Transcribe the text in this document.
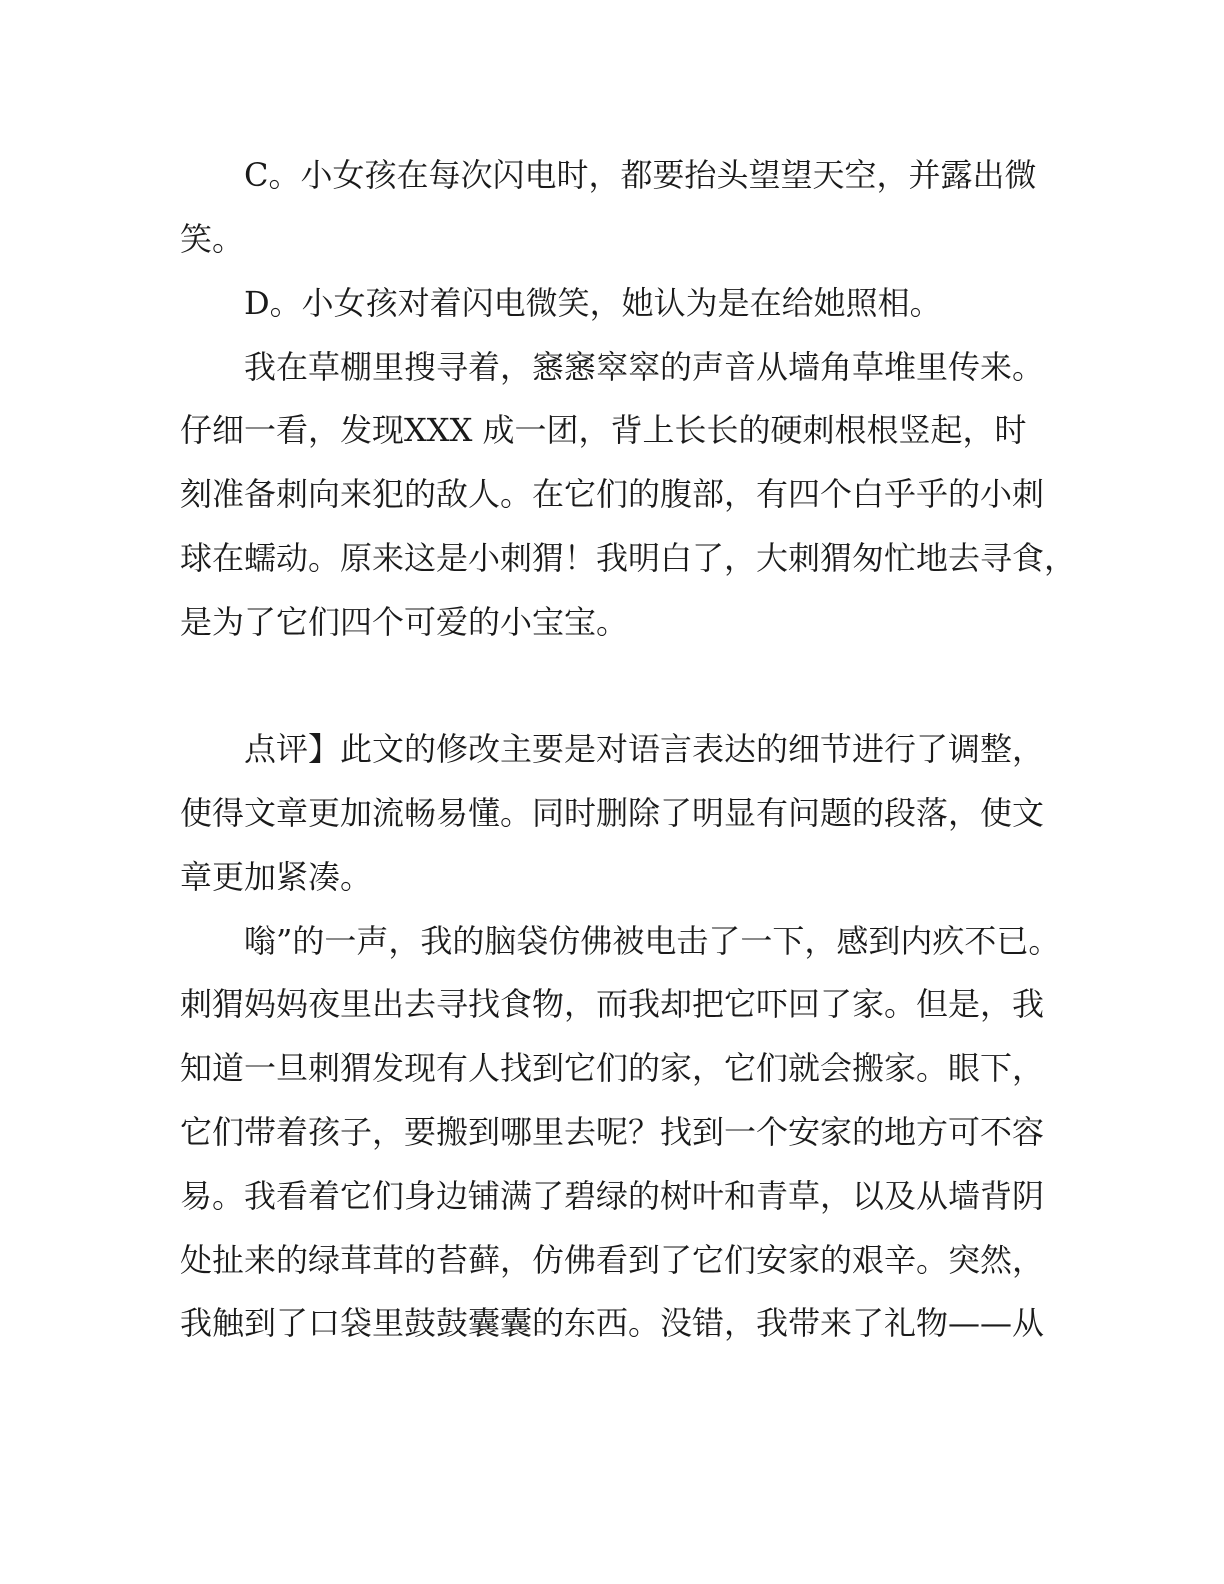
C。小女孩在每次闪电时，都要抬头望望天空，并露出微
笑。
D。小女孩对着闪电微笑，她认为是在给她照相。
我在草棚里搜寻着，窸窸窣窣的声音从墙角草堆里传来。
仔细一看，发现XXX 成一团，背上长长的硬刺根根竖起，时
刻准备刺向来犯的敌人。在它们的腹部，有四个白乎乎的小刺
球在蠕动。原来这是小刺猬！我明白了，大刺猬匆忙地去寻食，
是为了它们四个可爱的小宝宝。
点评】此文的修改主要是对语言表达的细节进行了调整，
使得文章更加流畅易懂。同时删除了明显有问题的段落，使文
章更加紧凑。
嗡”的一声，我的脑袋仿佛被电击了一下，感到内疚不已。
刺猬妈妈夜里出去寻找食物，而我却把它吓回了家。但是，我
知道一旦刺猬发现有人找到它们的家，它们就会搬家。眼下，
它们带着孩子，要搬到哪里去呢？找到一个安家的地方可不容
易。我看着它们身边铺满了碧绿的树叶和青草，以及从墙背阴
处扯来的绿茸茸的苔藓，仿佛看到了它们安家的艰辛。突然，
我触到了口袋里鼓鼓囊囊的东西。没错，我带来了礼物——从
